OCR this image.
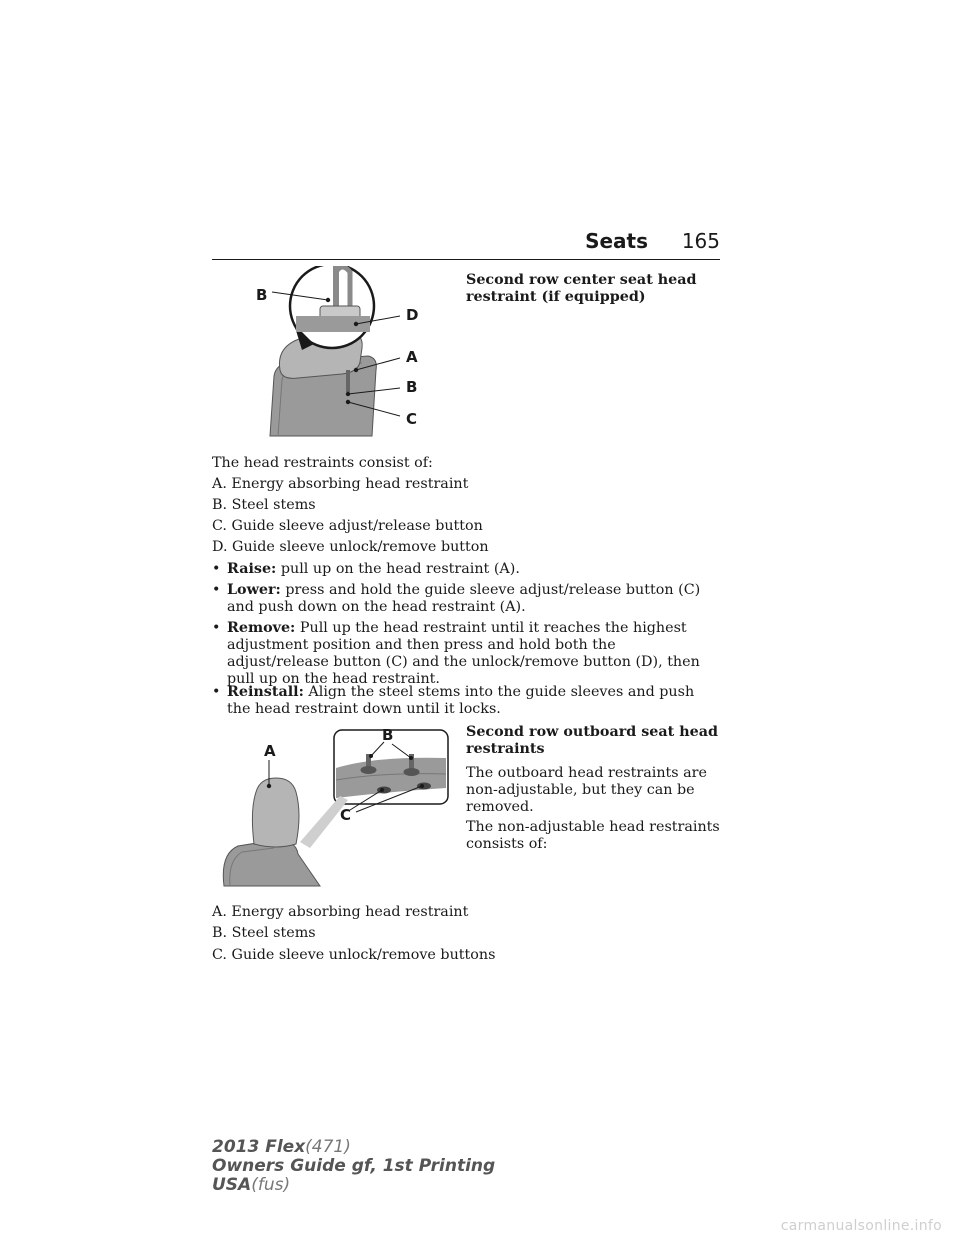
Seats 165
B
D
A
B
C

Second row center seat head restraint (if equipped)

The head restraints consist of:

A. Energy absorbing head restraint

B. Steel stems

C. Guide sleeve adjust/release button

D. Guide sleeve unlock/remove button

• Raise: pull up on the head restraint (A).
• Lower: press and hold the guide sleeve adjust/release button (C) and push down on the head restraint (A).
• Remove: Pull up the head restraint until it reaches the highest adjustment position and then press and hold both the adjust/release button (C) and the unlock/remove button (D), then pull up on the head restraint.
• Reinstall: Align the steel stems into the guide sleeves and push the head restraint down until it locks.
A
B
C

Second row outboard seat head restraints

The outboard head restraints are non-adjustable, but they can be removed.

The non-adjustable head restraints consists of:

A. Energy absorbing head restraint

B. Steel stems

C. Guide sleeve unlock/remove buttons

2013 Flex(471)
Owners Guide gf, 1st Printing
USA(fus)
carmanualsonline.info
